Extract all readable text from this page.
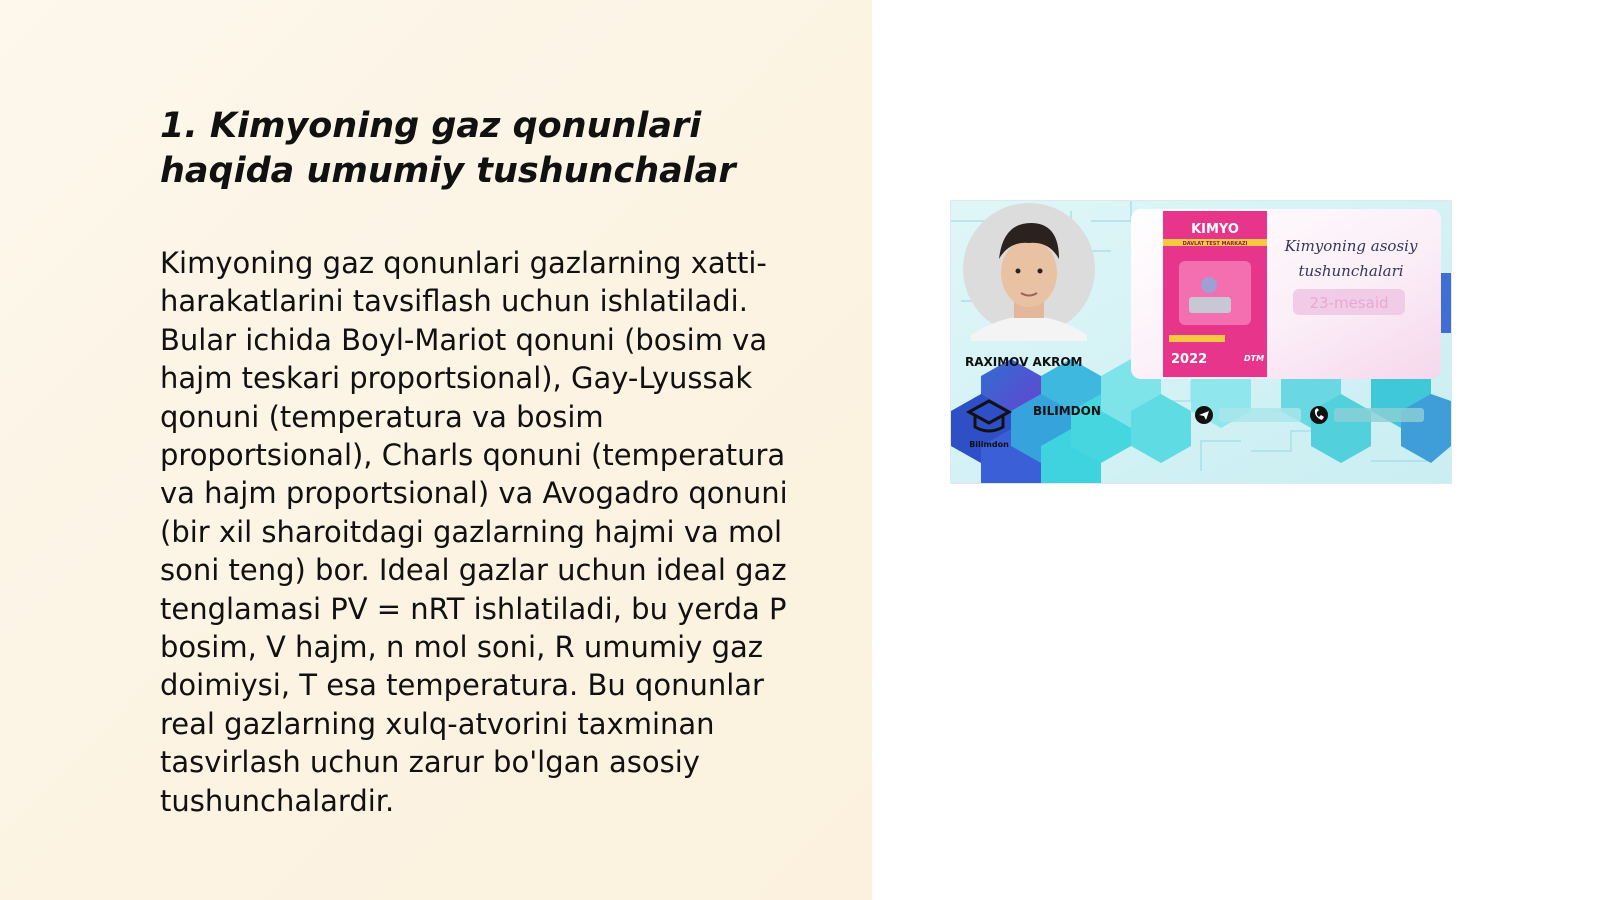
1. Kimyoning gaz qonunlari haqida umumiy tushunchalar

Kimyoning gaz qonunlari gazlarning xatti-harakatlarini tavsiflash uchun ishlatiladi. Bular ichida Boyl-Mariot qonuni (bosim va hajm teskari proportsional), Gay-Lyussak qonuni (temperatura va bosim proportsional), Charls qonuni (temperatura va hajm proportsional) va Avogadro qonuni (bir xil sharoitdagi gazlarning hajmi va mol soni teng) bor. Ideal gazlar uchun ideal gaz tenglamasi PV = nRT ishlatiladi, bu yerda P bosim, V hajm, n mol soni, R umumiy gaz doimiysi, T esa temperatura. Bu qonunlar real gazlarning xulq-atvorini taxminan tasvirlash uchun zarur bo'lgan asosiy tushunchalardir.

RAXIMOV AKROM
KIMYO
DAVLAT TEST MARKAZI
2022	DTM
Kimyoning asosiy
tushunchalari
23-mesaid
Bilimdon
BILIMDON
